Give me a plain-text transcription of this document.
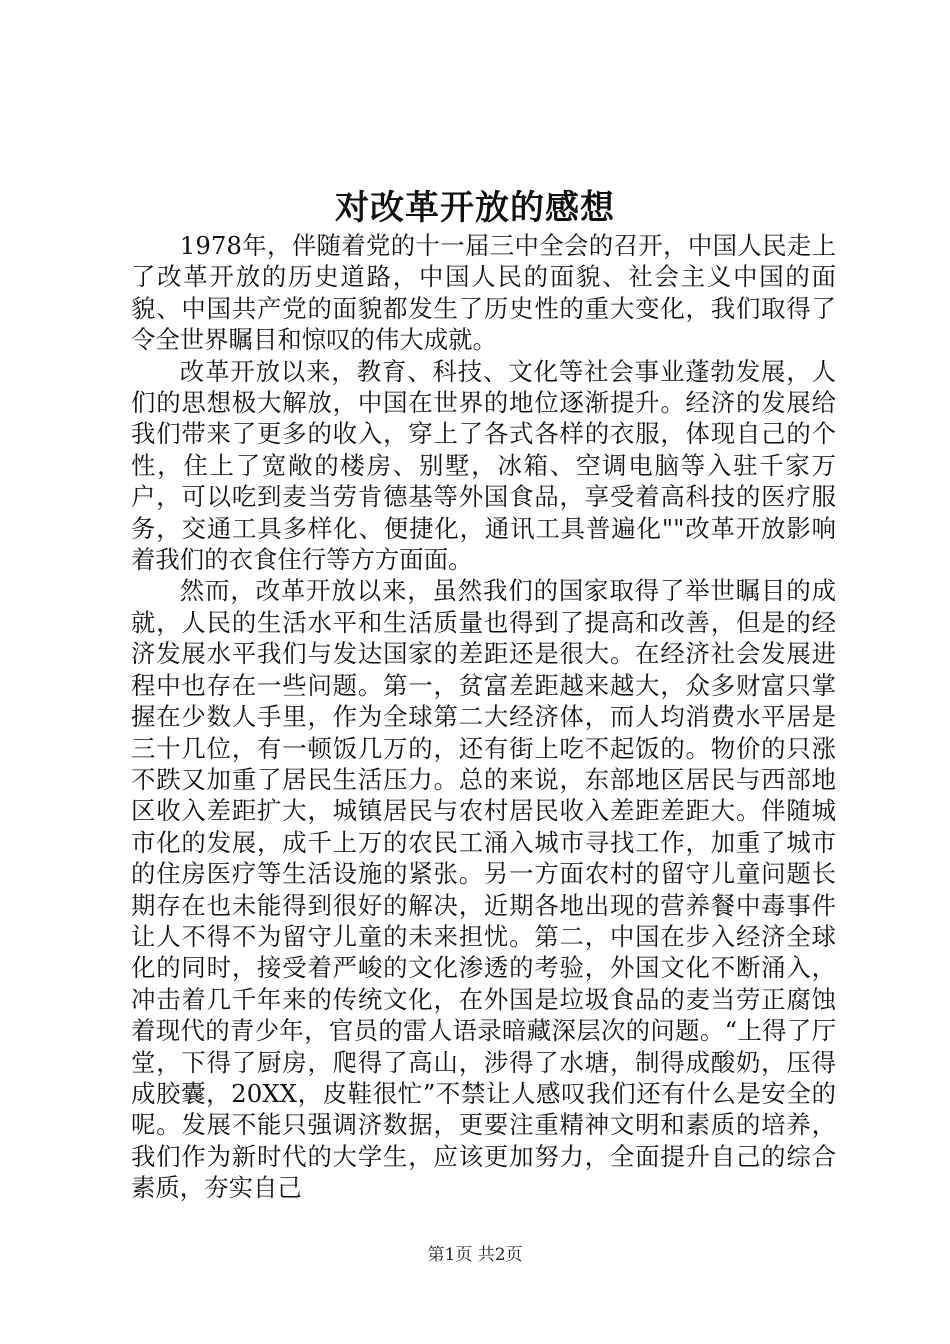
对改革开放的感想

1978年，伴随着党的十一届三中全会的召开，中国人民走上了改革开放的历史道路，中国人民的面貌、社会主义中国的面貌、中国共产党的面貌都发生了历史性的重大变化，我们取得了令全世界瞩目和惊叹的伟大成就。

改革开放以来，教育、科技、文化等社会事业蓬勃发展，人们的思想极大解放，中国在世界的地位逐渐提升。经济的发展给我们带来了更多的收入，穿上了各式各样的衣服，体现自己的个性，住上了宽敞的楼房、别墅，冰箱、空调电脑等入驻千家万户，可以吃到麦当劳肯德基等外国食品，享受着高科技的医疗服务，交通工具多样化、便捷化，通讯工具普遍化""改革开放影响着我们的衣食住行等方方面面。

然而，改革开放以来，虽然我们的国家取得了举世瞩目的成就，人民的生活水平和生活质量也得到了提高和改善，但是的经济发展水平我们与发达国家的差距还是很大。在经济社会发展进程中也存在一些问题。第一，贫富差距越来越大，众多财富只掌握在少数人手里，作为全球第二大经济体，而人均消费水平居是三十几位，有一顿饭几万的，还有街上吃不起饭的。物价的只涨不跌又加重了居民生活压力。总的来说，东部地区居民与西部地区收入差距扩大，城镇居民与农村居民收入差距差距大。伴随城市化的发展，成千上万的农民工涌入城市寻找工作，加重了城市的住房医疗等生活设施的紧张。另一方面农村的留守儿童问题长期存在也未能得到很好的解决，近期各地出现的营养餐中毒事件让人不得不为留守儿童的未来担忧。第二，中国在步入经济全球化的同时，接受着严峻的文化渗透的考验，外国文化不断涌入，冲击着几千年来的传统文化，在外国是垃圾食品的麦当劳正腐蚀着现代的青少年，官员的雷人语录暗藏深层次的问题。“上得了厅堂，下得了厨房，爬得了高山，涉得了水塘，制得成酸奶，压得成胶囊，20XX，皮鞋很忙”不禁让人感叹我们还有什么是安全的呢。发展不能只强调济数据，更要注重精神文明和素质的培养，我们作为新时代的大学生，应该更加努力，全面提升自己的综合素质，夯实自己

第1页 共2页
